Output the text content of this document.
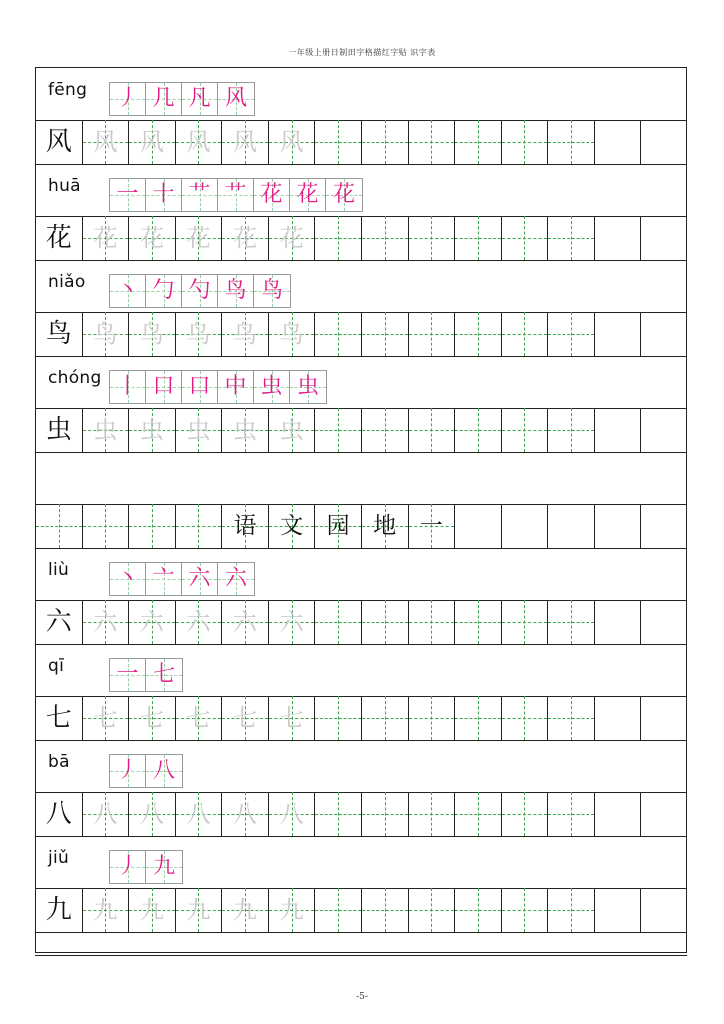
一年级上册日制田字格描红字贴 识字表
fēng 丿 几 凡 风
风 风 风 风 风 风
huā 一 十 艹 艹 花 花 花
花 花 花 花 花 花
niǎo 丶 勹 勺 鸟 鸟
鸟 鸟 鸟 鸟 鸟 鸟
chóng 丨 口 口 中 虫 虫
虫 虫 虫 虫 虫 虫
语 文 园 地 一
liù 丶 亠 六 六
六 六 六 六 六 六
qī 一 七
七 七 七 七 七 七
bā 丿 八
八 八 八 八 八 八
jiǔ 丿 九
九 九 九 九 九 九
-5-
